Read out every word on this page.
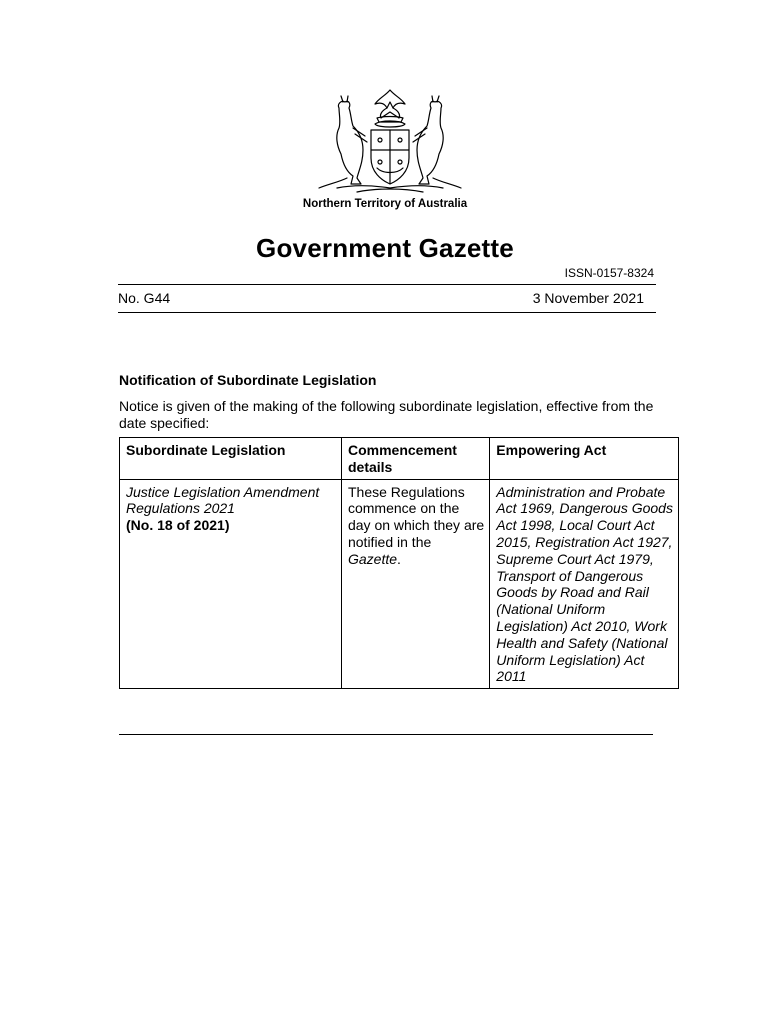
Northern Territory of Australia
Government Gazette
ISSN-0157-8324
No. G44	3 November 2021
Notification of Subordinate Legislation
Notice is given of the making of the following subordinate legislation, effective from the date specified:
Subordinate Legislation	Commencement details	Empowering Act

Justice Legislation Amendment Regulations 2021
(No. 18 of 2021)	These Regulations commence on the day on which they are notified in the Gazette.	Administration and Probate Act 1969, Dangerous Goods Act 1998, Local Court Act 2015, Registration Act 1927, Supreme Court Act 1979, Transport of Dangerous Goods by Road and Rail (National Uniform Legislation) Act 2010, Work Health and Safety (National Uniform Legislation) Act 2011
